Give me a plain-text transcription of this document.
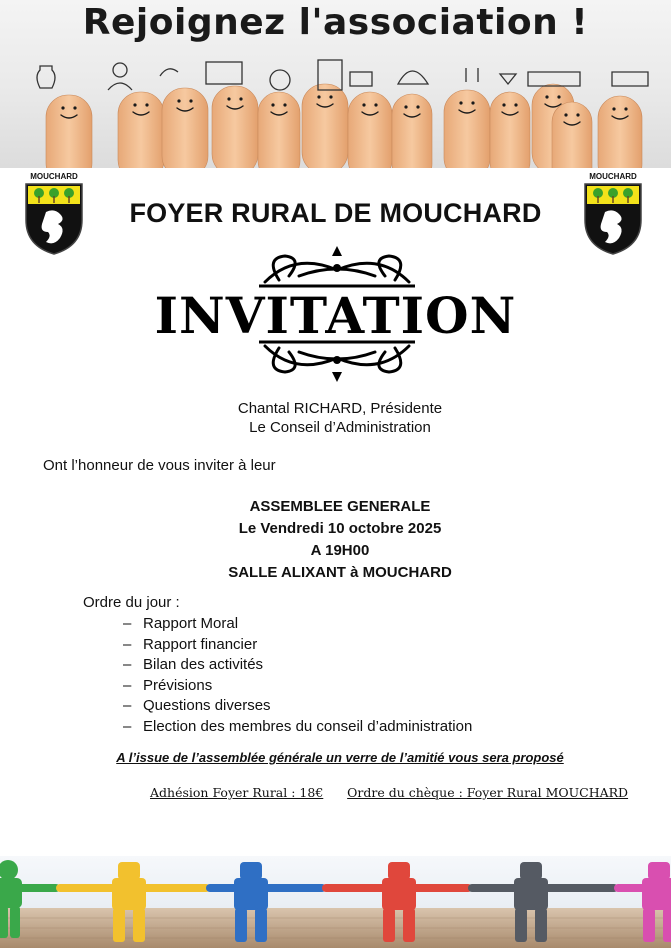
Rejoignez l'association !
MOUCHARD
FOYER RURAL DE MOUCHARD
MOUCHARD
INVITATION
Chantal RICHARD, Présidente
Le Conseil d’Administration
Ont l’honneur de vous inviter à leur
ASSEMBLEE GENERALE
Le Vendredi 10 octobre 2025
A 19H00
SALLE ALIXANT à MOUCHARD
Ordre du jour :
– Rapport Moral
– Rapport financier
– Bilan des activités
– Prévisions
– Questions diverses
– Election des membres du conseil d’administration
A l’issue de l’assemblée générale un verre de l’amitié vous sera proposé
Adhésion Foyer Rural : 18€ Ordre du chèque : Foyer Rural MOUCHARD
